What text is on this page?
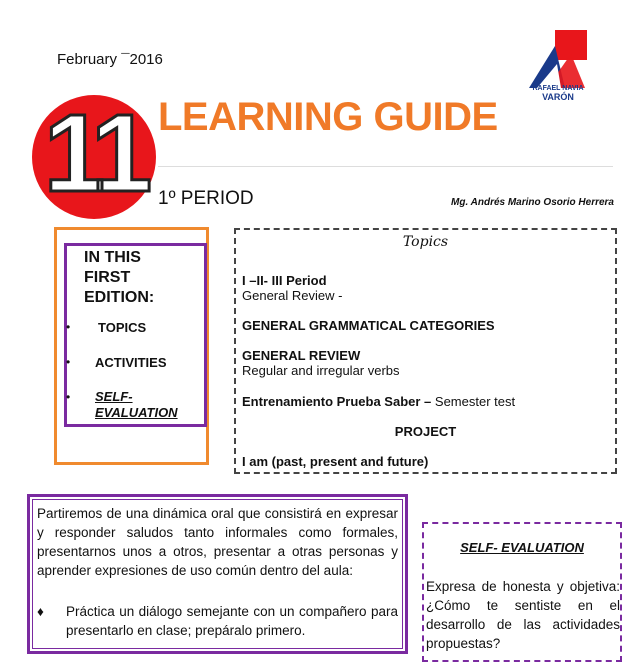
February ¯2016
RAFAEL NAVIA
VARÓN
11 LEARNING GUIDE
1º PERIOD	Mg. Andrés Marino Osorio Herrera
IN THIS
FIRST
EDITION:
• TOPICS
• ACTIVITIES
• SELF-
EVALUATION
Topics
I –II- III Period
General Review -
GENERAL GRAMMATICAL CATEGORIES
GENERAL REVIEW
Regular and irregular verbs
Entrenamiento Prueba Saber – Semester test
PROJECT
I am (past, present and future)
Partiremos de una dinámica oral que consistirá en expresar y responder saludos tanto informales como formales, presentarnos unos a otros, presentar a otras personas y aprender expresiones de uso común dentro del aula:
♦ Práctica un diálogo semejante con un compañero para presentarlo en clase; prepáralo primero.
SELF- EVALUATION
Expresa de honesta y objetiva: ¿Cómo te sentiste en el desarrollo de las actividades propuestas?
